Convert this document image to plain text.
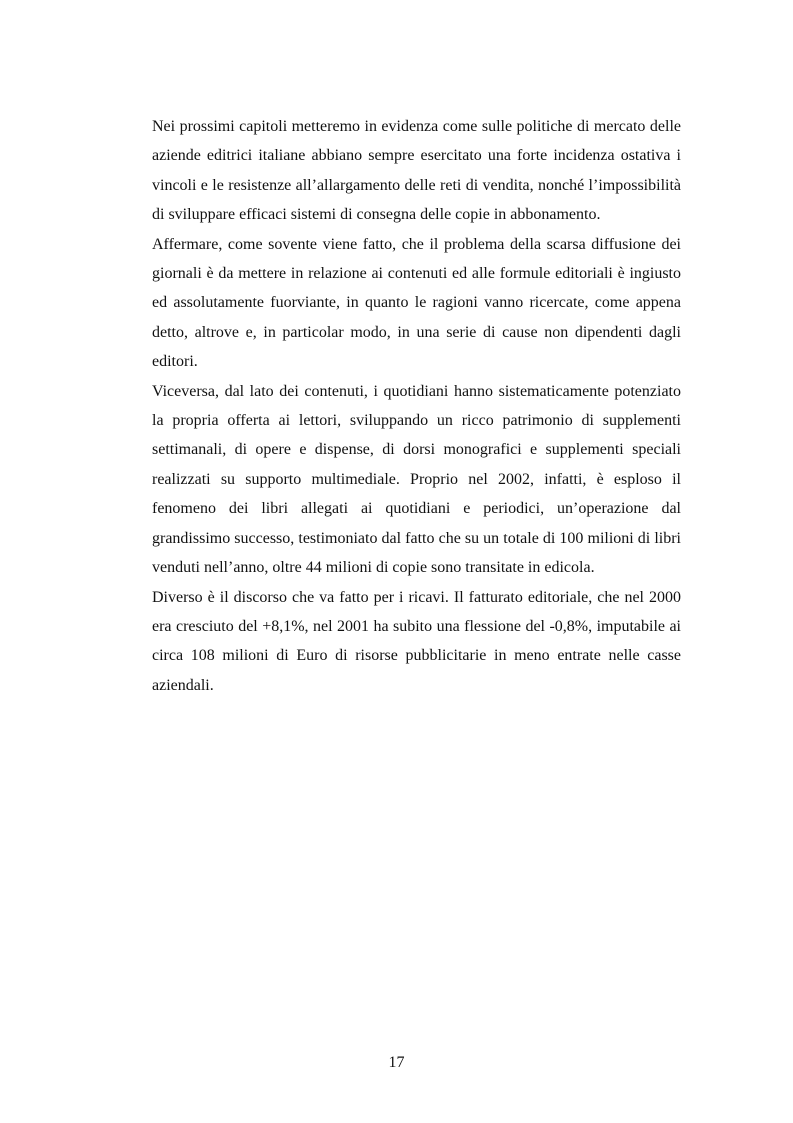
Nei prossimi capitoli metteremo in evidenza come sulle politiche di mercato delle aziende editrici italiane abbiano sempre esercitato una forte incidenza ostativa i vincoli e le resistenze all’allargamento delle reti di vendita, nonché l’impossibilità di sviluppare efficaci sistemi di consegna delle copie in abbonamento.

Affermare, come sovente viene fatto, che il problema della scarsa diffusione dei giornali è da mettere in relazione ai contenuti ed alle formule editoriali è ingiusto ed assolutamente fuorviante, in quanto le ragioni vanno ricercate, come appena detto, altrove e, in particolar modo, in una serie di cause non dipendenti dagli editori.

Viceversa, dal lato dei contenuti, i quotidiani hanno sistematicamente potenziato la propria offerta ai lettori, sviluppando un ricco patrimonio di supplementi settimanali, di opere e dispense, di dorsi monografici e supplementi speciali realizzati su supporto multimediale. Proprio nel 2002, infatti, è esploso il fenomeno dei libri allegati ai quotidiani e periodici, un’operazione dal grandissimo successo, testimoniato dal fatto che su un totale di 100 milioni di libri venduti nell’anno, oltre 44 milioni di copie sono transitate in edicola.

Diverso è il discorso che va fatto per i ricavi. Il fatturato editoriale, che nel 2000 era cresciuto del +8,1%, nel 2001 ha subito una flessione del -0,8%, imputabile ai circa 108 milioni di Euro di risorse pubblicitarie in meno entrate nelle casse aziendali.

17
